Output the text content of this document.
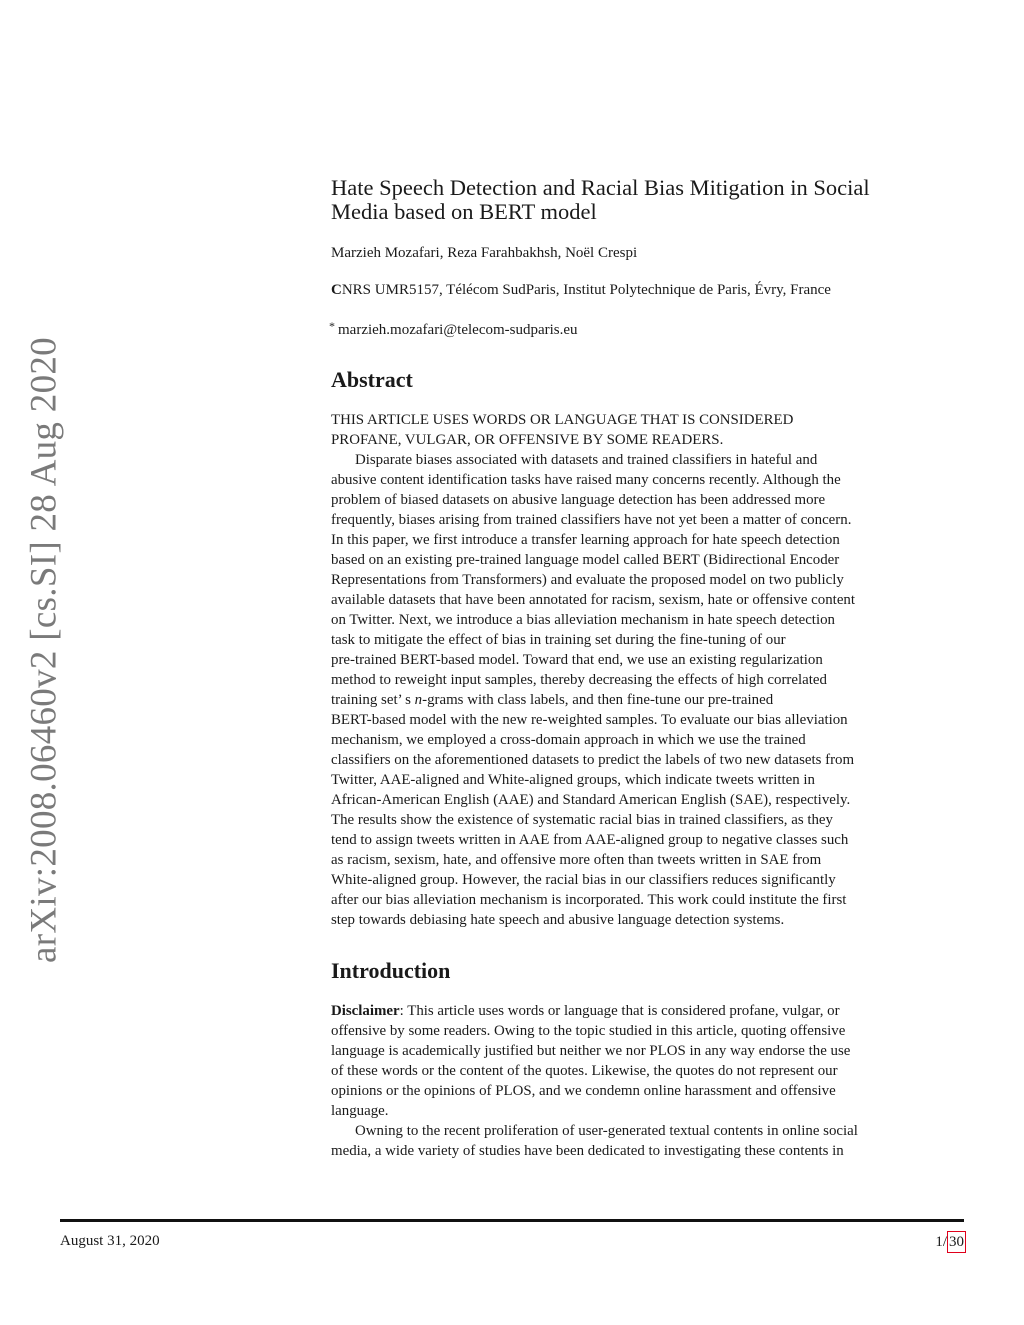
arXiv:2008.06460v2 [cs.SI] 28 Aug 2020
Hate Speech Detection and Racial Bias Mitigation in Social
Media based on BERT model
Marzieh Mozafari, Reza Farahbakhsh, Noël Crespi
CNRS UMR5157, Télécom SudParis, Institut Polytechnique de Paris, Évry, France
* marzieh.mozafari@telecom-sudparis.eu
Abstract
THIS ARTICLE USES WORDS OR LANGUAGE THAT IS CONSIDERED
PROFANE, VULGAR, OR OFFENSIVE BY SOME READERS.
Disparate biases associated with datasets and trained classifiers in hateful and
abusive content identification tasks have raised many concerns recently. Although the
problem of biased datasets on abusive language detection has been addressed more
frequently, biases arising from trained classifiers have not yet been a matter of concern.
In this paper, we first introduce a transfer learning approach for hate speech detection
based on an existing pre-trained language model called BERT (Bidirectional Encoder
Representations from Transformers) and evaluate the proposed model on two publicly
available datasets that have been annotated for racism, sexism, hate or offensive content
on Twitter. Next, we introduce a bias alleviation mechanism in hate speech detection
task to mitigate the effect of bias in training set during the fine-tuning of our
pre-trained BERT-based model. Toward that end, we use an existing regularization
method to reweight input samples, thereby decreasing the effects of high correlated
training set’ s n-grams with class labels, and then fine-tune our pre-trained
BERT-based model with the new re-weighted samples. To evaluate our bias alleviation
mechanism, we employed a cross-domain approach in which we use the trained
classifiers on the aforementioned datasets to predict the labels of two new datasets from
Twitter, AAE-aligned and White-aligned groups, which indicate tweets written in
African-American English (AAE) and Standard American English (SAE), respectively.
The results show the existence of systematic racial bias in trained classifiers, as they
tend to assign tweets written in AAE from AAE-aligned group to negative classes such
as racism, sexism, hate, and offensive more often than tweets written in SAE from
White-aligned group. However, the racial bias in our classifiers reduces significantly
after our bias alleviation mechanism is incorporated. This work could institute the first
step towards debiasing hate speech and abusive language detection systems.
Introduction
Disclaimer: This article uses words or language that is considered profane, vulgar, or
offensive by some readers. Owing to the topic studied in this article, quoting offensive
language is academically justified but neither we nor PLOS in any way endorse the use
of these words or the content of the quotes. Likewise, the quotes do not represent our
opinions or the opinions of PLOS, and we condemn online harassment and offensive
language.
Owning to the recent proliferation of user-generated textual contents in online social
media, a wide variety of studies have been dedicated to investigating these contents in
August 31, 2020	1 / 30
